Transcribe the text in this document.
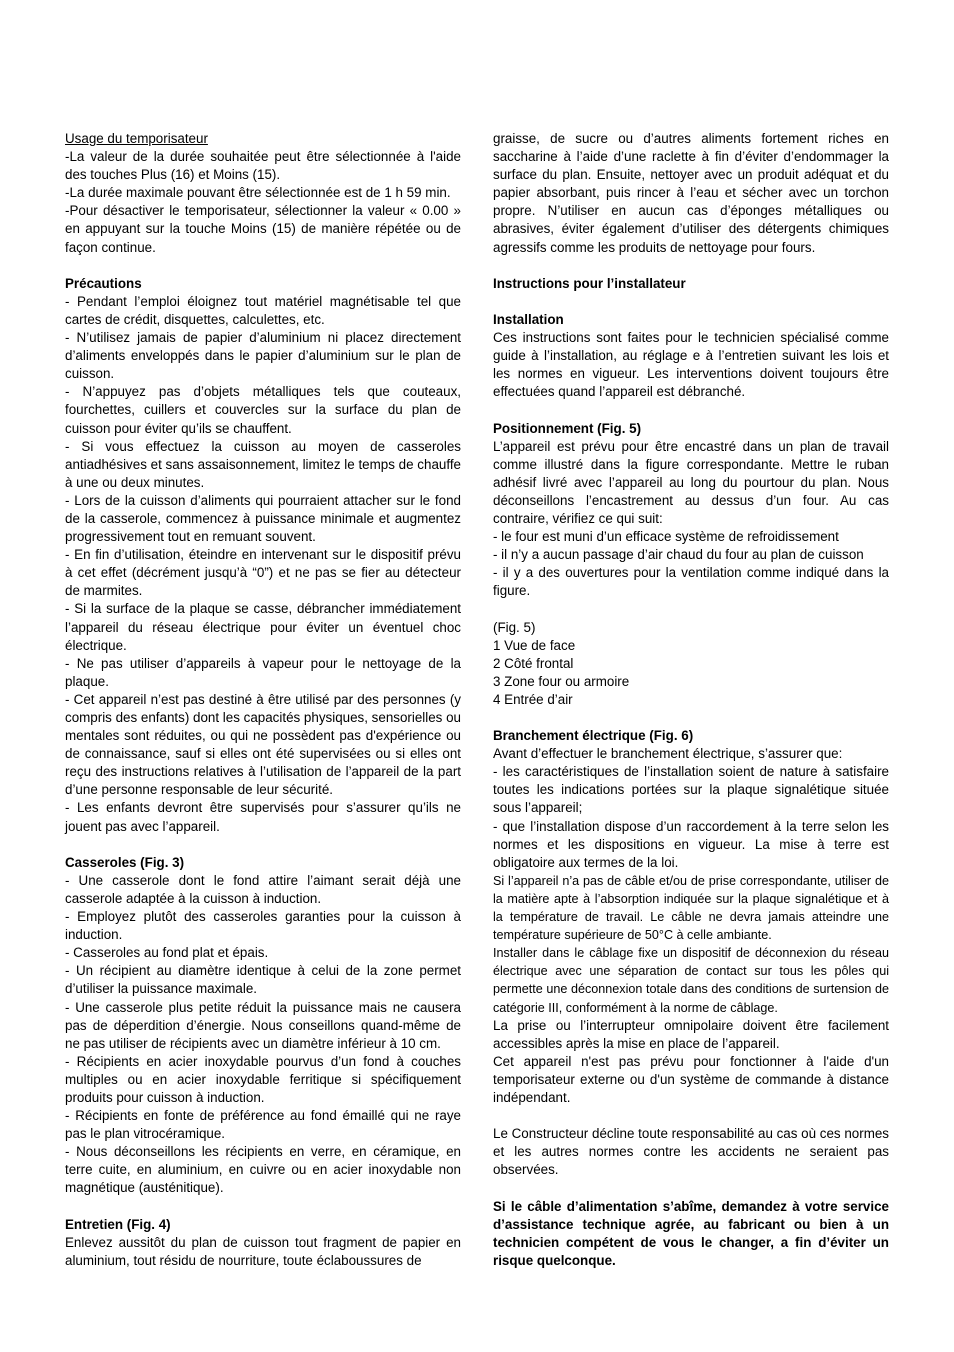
Usage du temporisateur

-La valeur de la durée souhaitée peut être sélectionnée à l'aide des touches Plus (16) et Moins (15).

-La durée maximale pouvant être sélectionnée est de 1 h 59 min.

-Pour désactiver le temporisateur, sélectionner la valeur « 0.00 » en appuyant sur la touche Moins (15) de manière répétée ou de façon continue.

Précautions

- Pendant l’emploi éloignez tout matériel magnétisable tel que cartes de crédit, disquettes, calculettes, etc.

- N’utilisez jamais de papier d’aluminium ni placez directement d’aliments enveloppés dans le papier d’aluminium sur le plan de cuisson.

- N’appuyez pas d’objets métalliques tels que couteaux, fourchettes, cuillers et couvercles sur la surface du plan de cuisson pour éviter qu’ils se chauffent.

- Si vous effectuez la cuisson au moyen de casseroles antiadhésives et sans assaisonnement, limitez le temps de chauffe à une ou deux minutes.

- Lors de la cuisson d’aliments qui pourraient attacher sur le fond de la casserole, commencez à puissance minimale et augmentez progressivement tout en remuant souvent.

- En fin d’utilisation, éteindre en intervenant sur le dispositif prévu à cet effet (décrément jusqu’à “0”) et ne pas se fier au détecteur de marmites.

- Si la surface de la plaque se casse, débrancher immédiatement l’appareil du réseau électrique pour éviter un éventuel choc électrique.

- Ne pas utiliser d’appareils à vapeur pour le nettoyage de la plaque.

- Cet appareil n’est pas destiné à être utilisé par des personnes (y compris des enfants) dont les capacités physiques, sensorielles ou mentales sont réduites, ou qui ne possèdent pas d'expérience ou de connaissance, sauf si elles ont été supervisées ou si elles ont reçu des instructions relatives à l’utilisation de l’appareil de la part d’une personne responsable de leur sécurité.

- Les enfants devront être supervisés pour s’assurer qu’ils ne jouent pas avec l’appareil.

Casseroles (Fig. 3)

- Une casserole dont le fond attire l’aimant serait déjà une casserole adaptée à la cuisson à induction.

- Employez plutôt des casseroles garanties pour la cuisson à induction.

- Casseroles au fond plat et épais.

- Un récipient au diamètre identique à celui de la zone permet d’utiliser la puissance maximale.

- Une casserole plus petite réduit la puissance mais ne causera pas de déperdition d’énergie. Nous conseillons quand-même de ne pas utiliser de récipients avec un diamètre inférieur à 10 cm.

- Récipients en acier inoxydable pourvus d’un fond à couches multiples ou en acier inoxydable ferritique si spécifiquement produits pour cuisson à induction.

- Récipients en fonte de préférence au fond émaillé qui ne raye pas le plan vitrocéramique.

- Nous déconseillons les récipients en verre, en céramique, en terre cuite, en aluminium, en cuivre ou en acier inoxydable non magnétique (austénitique).

Entretien (Fig. 4)

Enlevez aussitôt du plan de cuisson tout fragment de papier en aluminium, tout résidu de nourriture, toute éclaboussures de

graisse, de sucre ou d’autres aliments fortement riches en saccharine à l’aide d’une raclette à fin d’éviter d’endommager la surface du plan. Ensuite, nettoyer avec un produit adéquat et du papier absorbant, puis rincer à l’eau et sécher avec un torchon propre. N’utiliser en aucun cas d’éponges métalliques ou abrasives, éviter également d’utiliser des détergents chimiques agressifs comme les produits de nettoyage pour fours.

Instructions pour l’installateur

Installation

Ces instructions sont faites pour le technicien spécialisé comme guide à l’installation, au réglage e à l’entretien suivant les lois et les normes en vigueur. Les interventions doivent toujours être effectuées quand l’appareil est débranché.

Positionnement (Fig. 5)

L’appareil est prévu pour être encastré dans un plan de travail comme illustré dans la figure correspondante. Mettre le ruban adhésif livré avec l’appareil au long du pourtour du plan. Nous déconseillons l’encastrement au dessus d’un four. Au cas contraire, vérifiez ce qui suit:

- le four est muni d’un efficace système de refroidissement

- il n’y a aucun passage d’air chaud du four au plan de cuisson

- il y a des ouvertures pour la ventilation comme indiqué dans la figure.

(Fig. 5)

1 Vue de face

2 Côté frontal

3 Zone four ou armoire

4 Entrée d’air

Branchement électrique (Fig. 6)

Avant d’effectuer le branchement électrique, s’assurer que:

- les caractéristiques de l’installation soient de nature à satisfaire toutes les indications portées sur la plaque signalétique située sous l’appareil;

- que l’installation dispose d’un raccordement à la terre selon les normes et les dispositions en vigueur. La mise à terre est obligatoire aux termes de la loi.

Si l’appareil n’a pas de câble et/ou de prise correspondante, utiliser de la matière apte à l’absorption indiquée sur la plaque signalétique et à la température de travail. Le câble ne devra jamais atteindre une température supérieure de 50°C à celle ambiante.

Installer dans le câblage fixe un dispositif de déconnexion du réseau électrique avec une séparation de contact sur tous les pôles qui permette une déconnexion totale dans des conditions de surtension de catégorie III, conformément à la norme de câblage.

La prise ou l’interrupteur omnipolaire doivent être facilement accessibles après la mise en place de l’appareil.

Cet appareil n'est pas prévu pour fonctionner à l'aide d'un temporisateur externe ou d'un système de commande à distance indépendant.

Le Constructeur décline toute responsabilité au cas où ces normes et les autres normes contre les accidents ne seraient pas observées.

Si le câble d’alimentation s’abîme, demandez à votre service d’assistance technique agrée, au fabricant ou bien à un technicien compétent de vous le changer, a fin d’éviter un risque quelconque.
